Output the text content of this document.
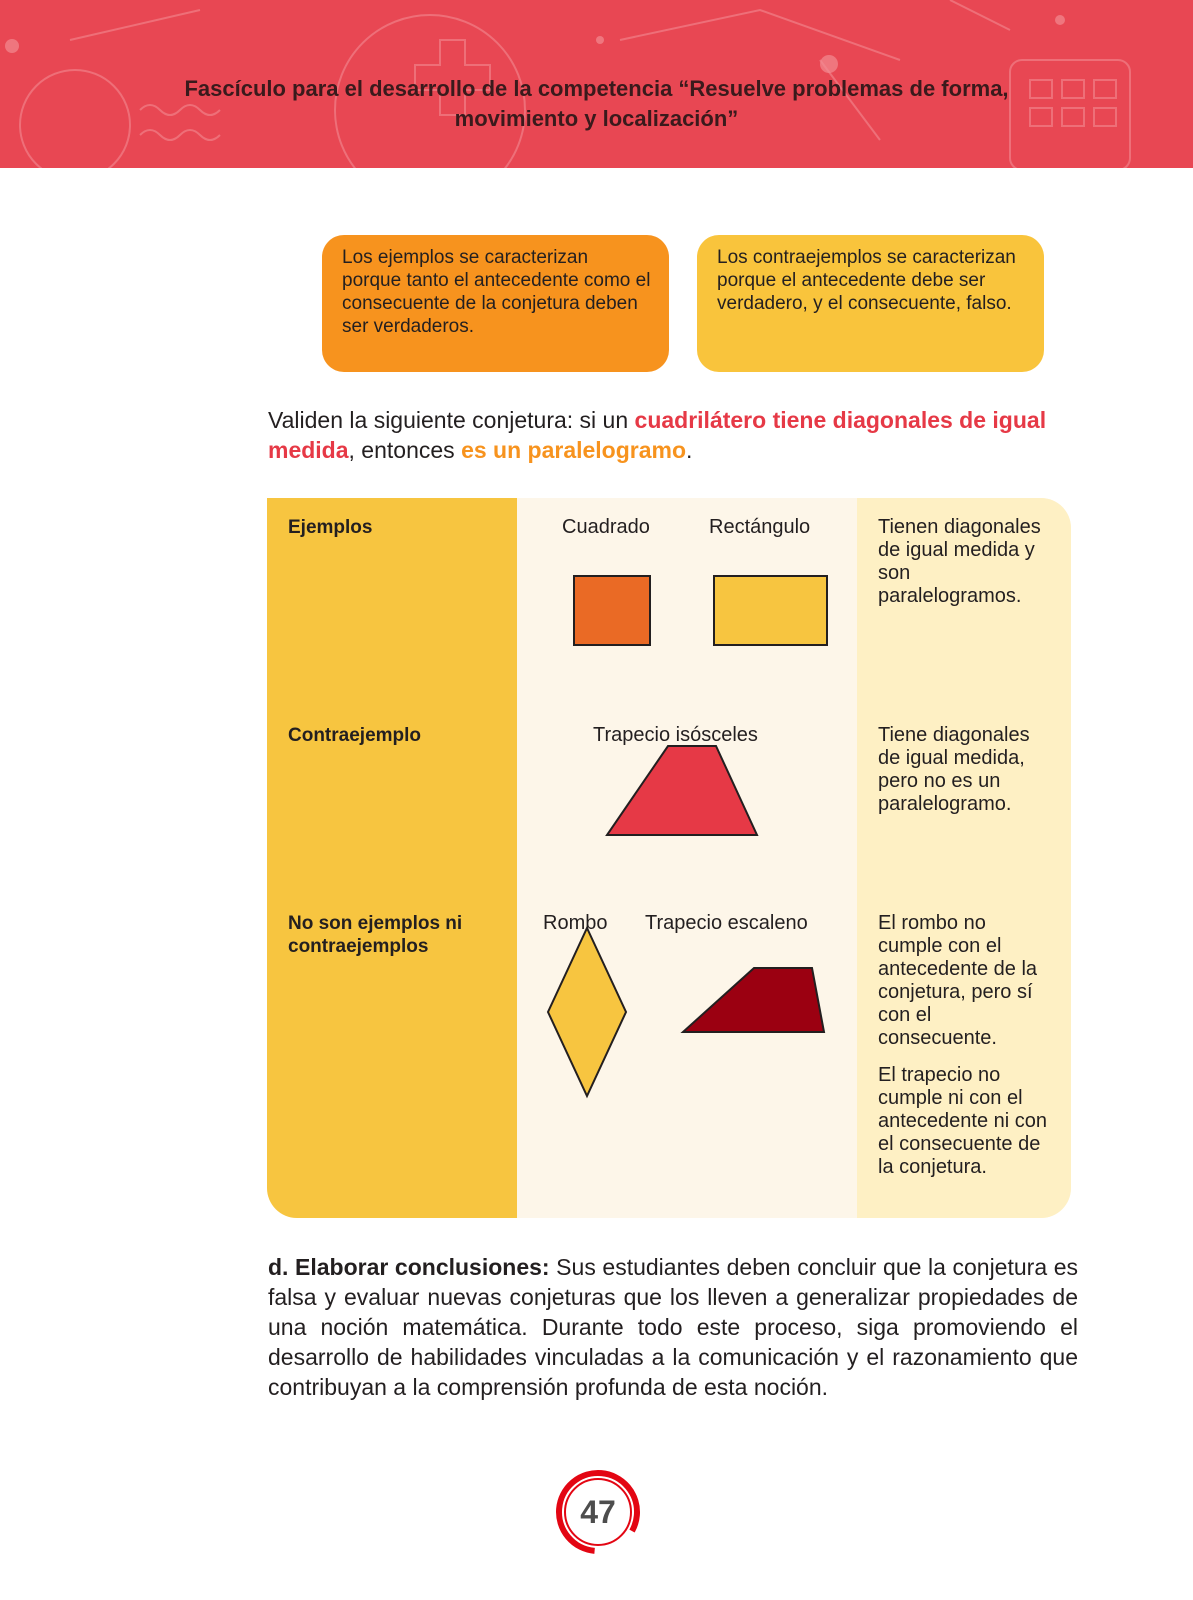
Fascículo para el desarrollo de la competencia “Resuelve problemas de forma,
movimiento y localización”
Los ejemplos se caracterizan porque tanto el antecedente como el consecuente de la conjetura deben ser verdaderos.
Los contraejemplos se caracterizan porque el antecedente debe ser verdadero, y el consecuente, falso.

Validen la siguiente conjetura: si un cuadrilátero tiene diagonales de igual medida, entonces es un paralelogramo.

Ejemplos
Contraejemplo
No son ejemplos ni contraejemplos
Cuadrado	Rectángulo
Trapecio isósceles
Rombo Trapecio escaleno
Tienen diagonales de igual medida y son paralelogramos.
Tiene diagonales de igual medida, pero no es un paralelogramo.
El rombo no cumple con el antecedente de la conjetura, pero sí con el consecuente.
El trapecio no cumple ni con el antecedente ni con el consecuente de la conjetura.

d. Elaborar conclusiones: Sus estudiantes deben concluir que la conjetura es falsa y evaluar nuevas conjeturas que los lleven a generalizar propiedades de una noción matemática. Durante todo este proceso, siga promoviendo el desarrollo de habilidades vinculadas a la comunicación y el razonamiento que contribuyan a la comprensión profunda de esta noción.

47
